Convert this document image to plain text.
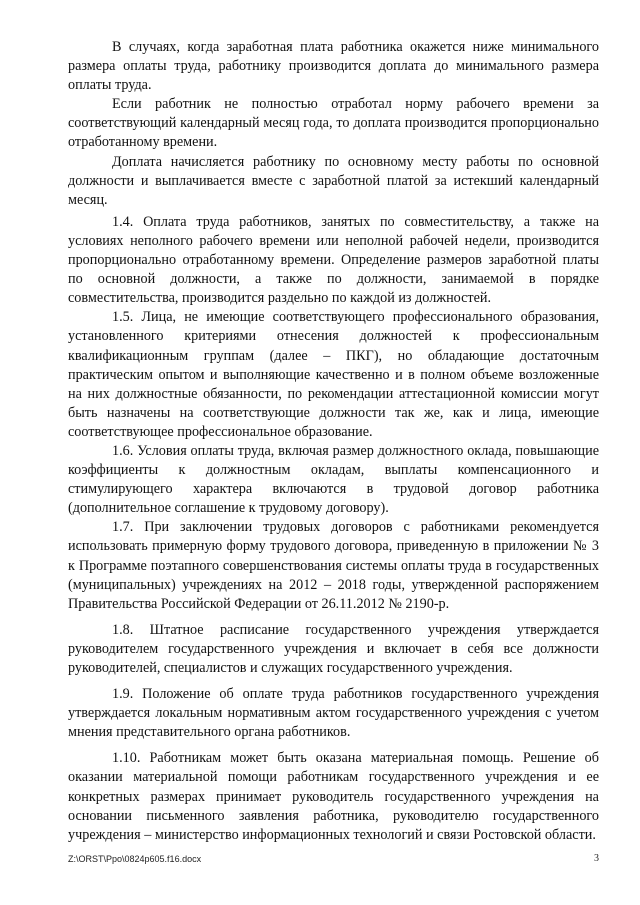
В случаях, когда заработная плата работника окажется ниже минимального размера оплаты труда, работнику производится доплата до минимального размера оплаты труда.

Если работник не полностью отработал норму рабочего времени за соответствующий календарный месяц года, то доплата производится пропорционально отработанному времени.

Доплата начисляется работнику по основному месту работы по основной должности и выплачивается вместе с заработной платой за истекший календарный месяц.

1.4. Оплата труда работников, занятых по совместительству, а также на условиях неполного рабочего времени или неполной рабочей недели, производится пропорционально отработанному времени. Определение размеров заработной платы по основной должности, а также по должности, занимаемой в порядке совместительства, производится раздельно по каждой из должностей.

1.5. Лица, не имеющие соответствующего профессионального образования, установленного критериями отнесения должностей к профессиональным квалификационным группам (далее – ПКГ), но обладающие достаточным практическим опытом и выполняющие качественно и в полном объеме возложенные на них должностные обязанности, по рекомендации аттестационной комиссии могут быть назначены на соответствующие должности так же, как и лица, имеющие соответствующее профессиональное образование.

1.6. Условия оплаты труда, включая размер должностного оклада, повышающие коэффициенты к должностным окладам, выплаты компенсационного и стимулирующего характера включаются в трудовой договор работника (дополнительное соглашение к трудовому договору).

1.7. При заключении трудовых договоров с работниками рекомендуется использовать примерную форму трудового договора, приведенную в приложении № 3 к Программе поэтапного совершенствования системы оплаты труда в государственных (муниципальных) учреждениях на 2012 – 2018 годы, утвержденной распоряжением Правительства Российской Федерации от 26.11.2012 № 2190-р.

1.8. Штатное расписание государственного учреждения утверждается руководителем государственного учреждения и включает в себя все должности руководителей, специалистов и служащих государственного учреждения.

1.9. Положение об оплате труда работников государственного учреждения утверждается локальным нормативным актом государственного учреждения с учетом мнения представительного органа работников.

1.10. Работникам может быть оказана материальная помощь. Решение об оказании материальной помощи работникам государственного учреждения и ее конкретных размерах принимает руководитель государственного учреждения на основании письменного заявления работника, руководителю государственного учреждения – министерство информационных технологий и связи Ростовской области.

Z:\ORST\Ppo\0824p605.f16.docx	3
